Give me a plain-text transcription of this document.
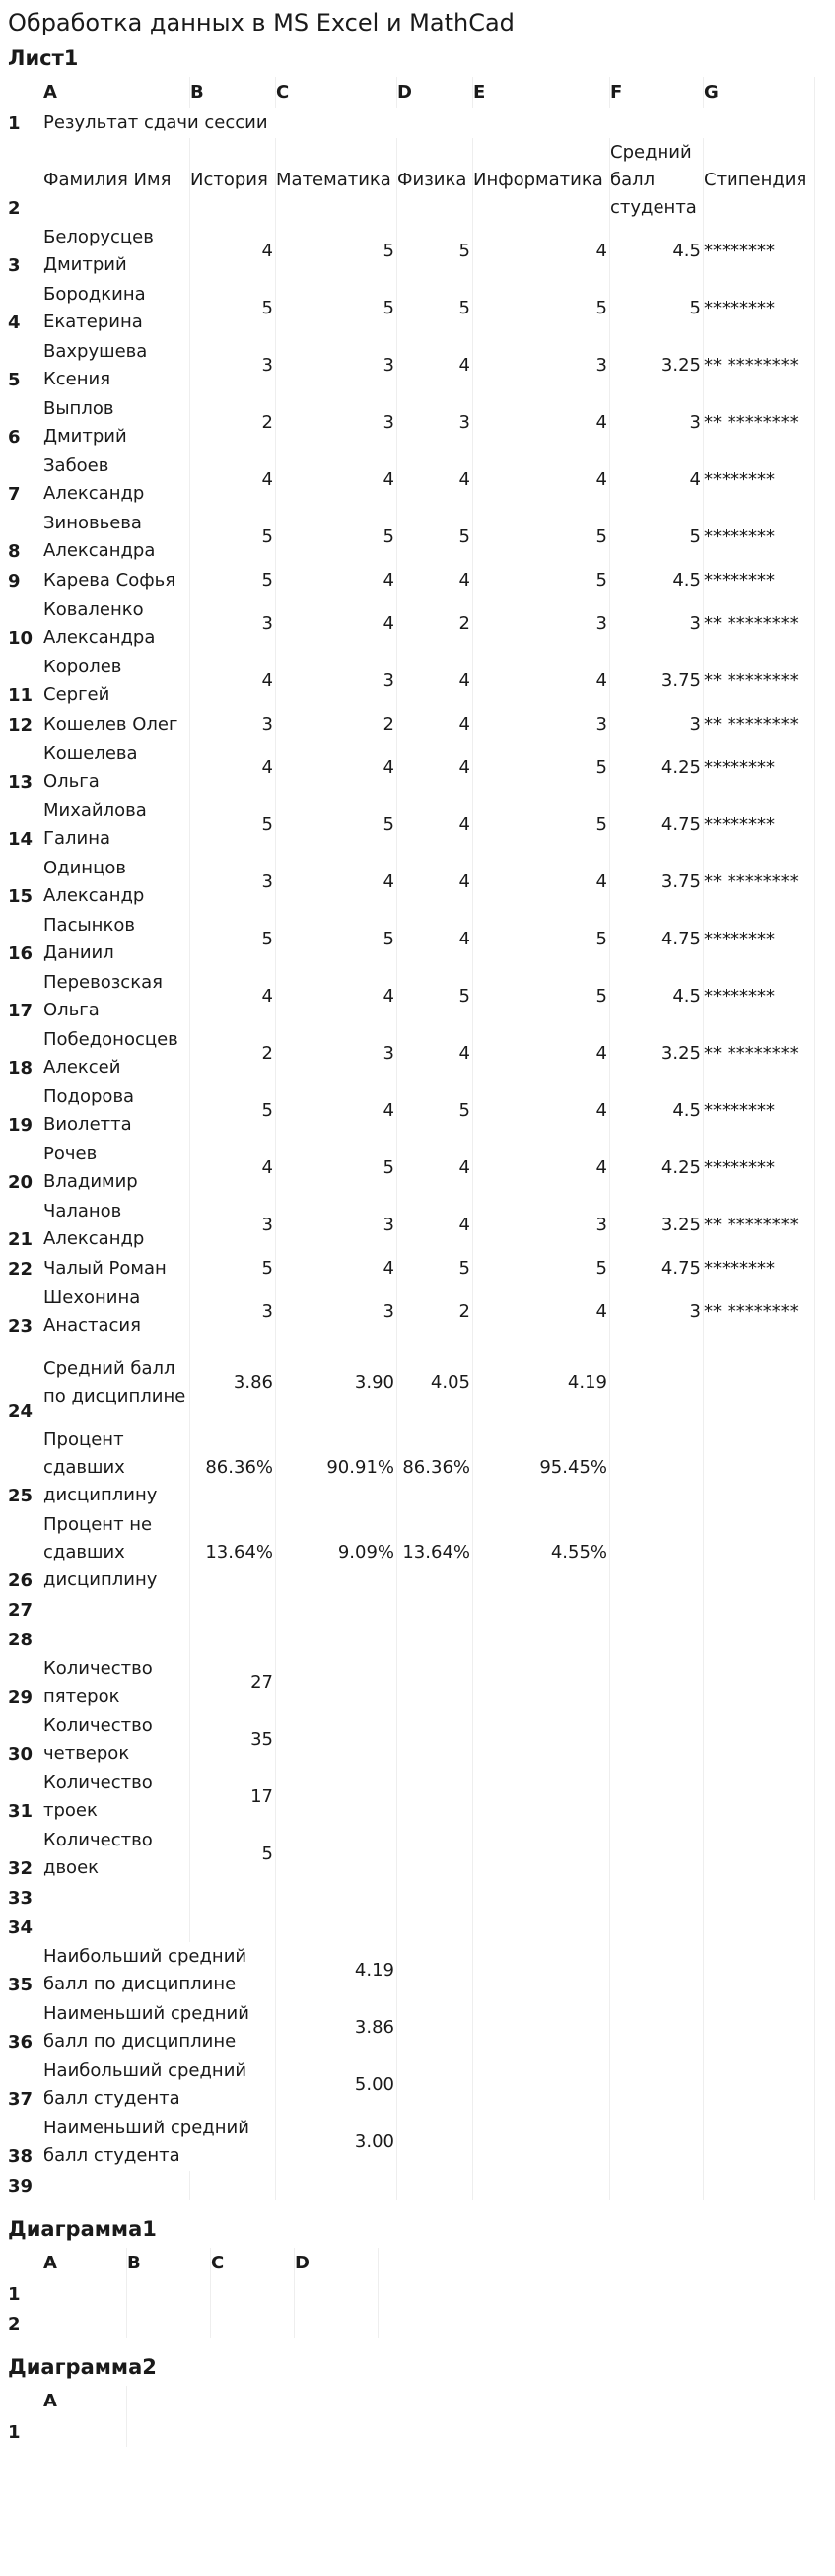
Обработка данных в MS Excel и MathCad
Лист1
	A	B	C	D	E	F	G
1	Результат сдачи сессии						
2	Фамилия Имя	История	Математика	Физика	Информатика	Средний балл студента	Стипендия
3	Белорусцев Дмитрий	4	5	5	4	4.5	********
4	Бородкина Екатерина	5	5	5	5	5	********
5	Вахрушева Ксения	3	3	4	3	3.25	** ********
6	Выплов Дмитрий	2	3	3	4	3	** ********
7	Забоев Александр	4	4	4	4	4	********
8	Зиновьева Александра	5	5	5	5	5	********
9	Карева Софья	5	4	4	5	4.5	********
10	Коваленко Александра	3	4	2	3	3	** ********
11	Королев Сергей	4	3	4	4	3.75	** ********
12	Кошелев Олег	3	2	4	3	3	** ********
13	Кошелева Ольга	4	4	4	5	4.25	********
14	Михайлова Галина	5	5	4	5	4.75	********
15	Одинцов Александр	3	4	4	4	3.75	** ********
16	Пасынков Даниил	5	5	4	5	4.75	********
17	Перевозская Ольга	4	4	5	5	4.5	********
18	Победоносцев Алексей	2	3	4	4	3.25	** ********
19	Подорова Виолетта	5	4	5	4	4.5	********
20	Рочев Владимир	4	5	4	4	4.25	********
21	Чаланов Александр	3	3	4	3	3.25	** ********
22	Чалый Роман	5	4	5	5	4.75	********
23	Шехонина Анастасия	3	3	2	4	3	** ********
24	Средний балл по дисциплине	3.86	3.90	4.05	4.19		
25	Процент сдавших дисциплину	86.36%	90.91%	86.36%	95.45%		
26	Процент не сдавших дисциплину	13.64%	9.09%	13.64%	4.55%		
27							
28							
29	Количество пятерок	27					
30	Количество четверок	35					
31	Количество троек	17					
32	Количество двоек	5					
33							
34							
35	Наибольший средний балл по дисциплине		4.19				
36	Наименьший средний балл по дисциплине		3.86				
37	Наибольший средний балл студента		5.00				
38	Наименьший средний балл студента		3.00				
39							
Диаграмма1
	A	B	C	D
1				
2				
Диаграмма2
	A
1	
